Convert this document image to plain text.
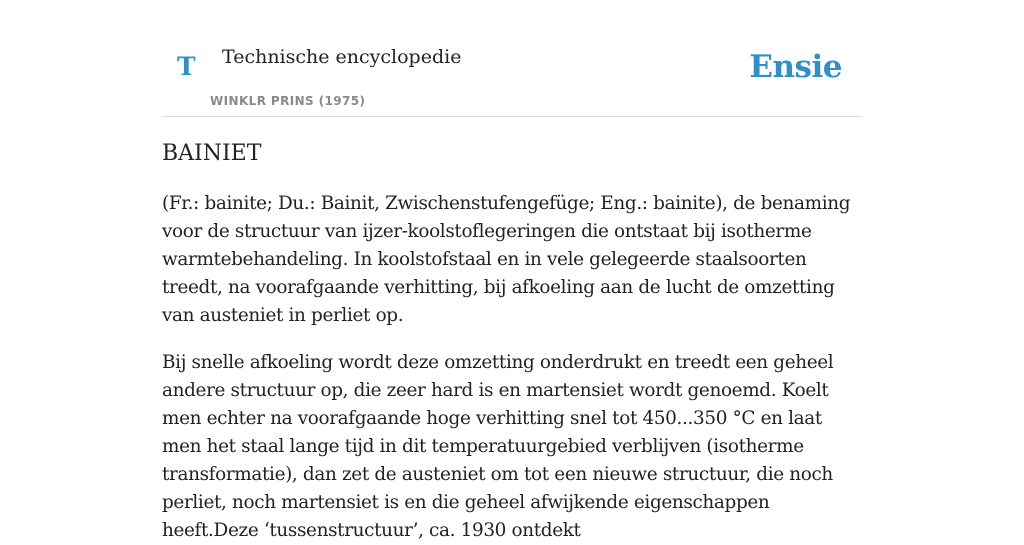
T Technische encyclopedie
WINKLR PRINS (1975)
Ensie
BAINIET

(Fr.: bainite; Du.: Bainit, Zwischenstufengefüge; Eng.: bainite), de benaming voor de structuur van ijzer-koolstoflegeringen die ontstaat bij isotherme warmtebehandeling. In koolstofstaal en in vele gelegeerde staalsoorten treedt, na voorafgaande verhitting, bij afkoeling aan de lucht de omzetting van austeniet in perliet op.

Bij snelle afkoeling wordt deze omzetting onderdrukt en treedt een geheel andere structuur op, die zeer hard is en martensiet wordt genoemd. Koelt men echter na voorafgaande hoge verhitting snel tot 450...350 °C en laat men het staal lange tijd in dit temperatuurgebied verblijven (isotherme transformatie), dan zet de austeniet om tot een nieuwe structuur, die noch perliet, noch martensiet is en die geheel afwijkende eigenschappen heeft.Deze ‘tussenstructuur’, ca. 1930 ontdekt
